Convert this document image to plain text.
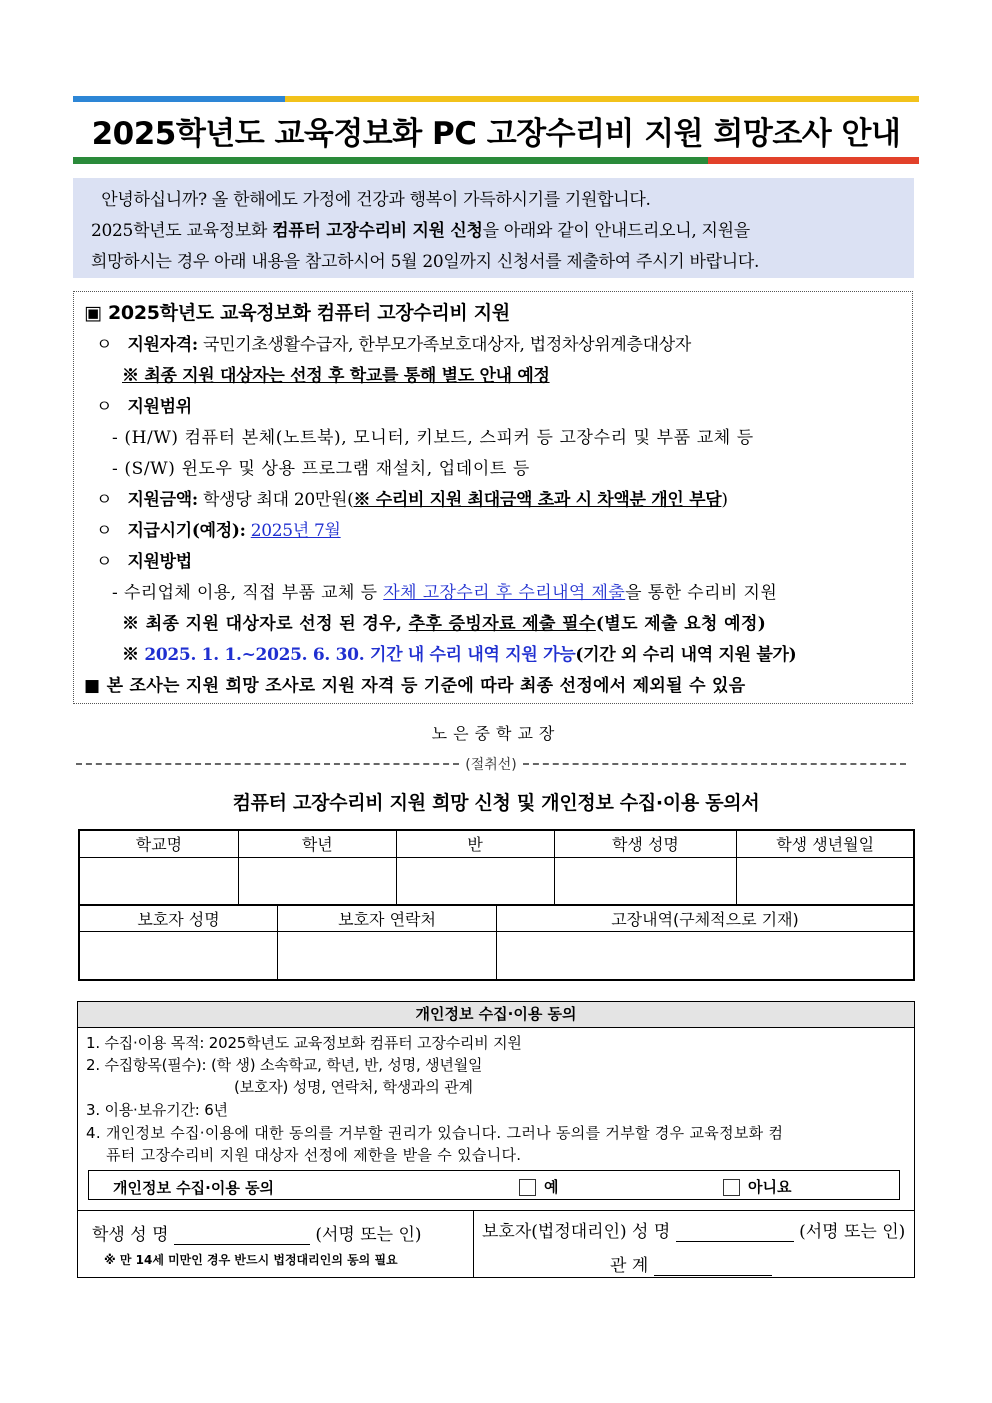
2025학년도 교육정보화 PC 고장수리비 지원 희망조사 안내

안녕하십니까? 올 한해에도 가정에 건강과 행복이 가득하시기를 기원합니다.

2025학년도 교육정보화 컴퓨터 고장수리비 지원 신청을 아래와 같이 안내드리오니, 지원을

희망하시는 경우 아래 내용을 참고하시어 5월 20일까지 신청서를 제출하여 주시기 바랍니다.

▣ 2025학년도 교육정보화 컴퓨터 고장수리비 지원
ㅇ 지원자격: 국민기초생활수급자, 한부모가족보호대상자, 법정차상위계층대상자
※ 최종 지원 대상자는 선정 후 학교를 통해 별도 안내 예정
ㅇ 지원범위
- (H/W) 컴퓨터 본체(노트북), 모니터, 키보드, 스피커 등 고장수리 및 부품 교체 등
- (S/W) 윈도우 및 상용 프로그램 재설치, 업데이트 등
ㅇ 지원금액: 학생당 최대 20만원(※ 수리비 지원 최대금액 초과 시 차액분 개인 부담)
ㅇ 지급시기(예정): 2025년 7월
ㅇ 지원방법
- 수리업체 이용, 직접 부품 교체 등 자체 고장수리 후 수리내역 제출을 통한 수리비 지원
※ 최종 지원 대상자로 선정 된 경우, 추후 증빙자료 제출 필수(별도 제출 요청 예정)
※ 2025. 1. 1.~2025. 6. 30. 기간 내 수리 내역 지원 가능(기간 외 수리 내역 지원 불가)
■ 본 조사는 지원 희망 조사로 지원 자격 등 기준에 따라 최종 선정에서 제외될 수 있음
노은중학교장
(절취선)
컴퓨터 고장수리비 지원 희망 신청 및 개인정보 수집·이용 동의서
학교명	학년	반	학생 성명	학생 생년월일

보호자 성명	보호자 연락처	고장내역(구체적으로 기재)

개인정보 수집·이용 동의
1. 수집·이용 목적: 2025학년도 교육정보화 컴퓨터 고장수리비 지원
2. 수집항목(필수): (학 생) 소속학교, 학년, 반, 성명, 생년월일
(보호자) 성명, 연락처, 학생과의 관계
3. 이용·보유기간: 6년
4. 개인정보 수집·이용에 대한 동의를 거부할 권리가 있습니다. 그러나 동의를 거부할 경우 교육정보화 컴
퓨터 고장수리비 지원 대상자 선정에 제한을 받을 수 있습니다.
개인정보 수집·이용 동의	예	아니요
학생 성 명	(서명 또는 인)
※ 만 14세 미만인 경우 반드시 법정대리인의 동의 필요
보호자(법정대리인) 성 명	(서명 또는 인)
관 계
